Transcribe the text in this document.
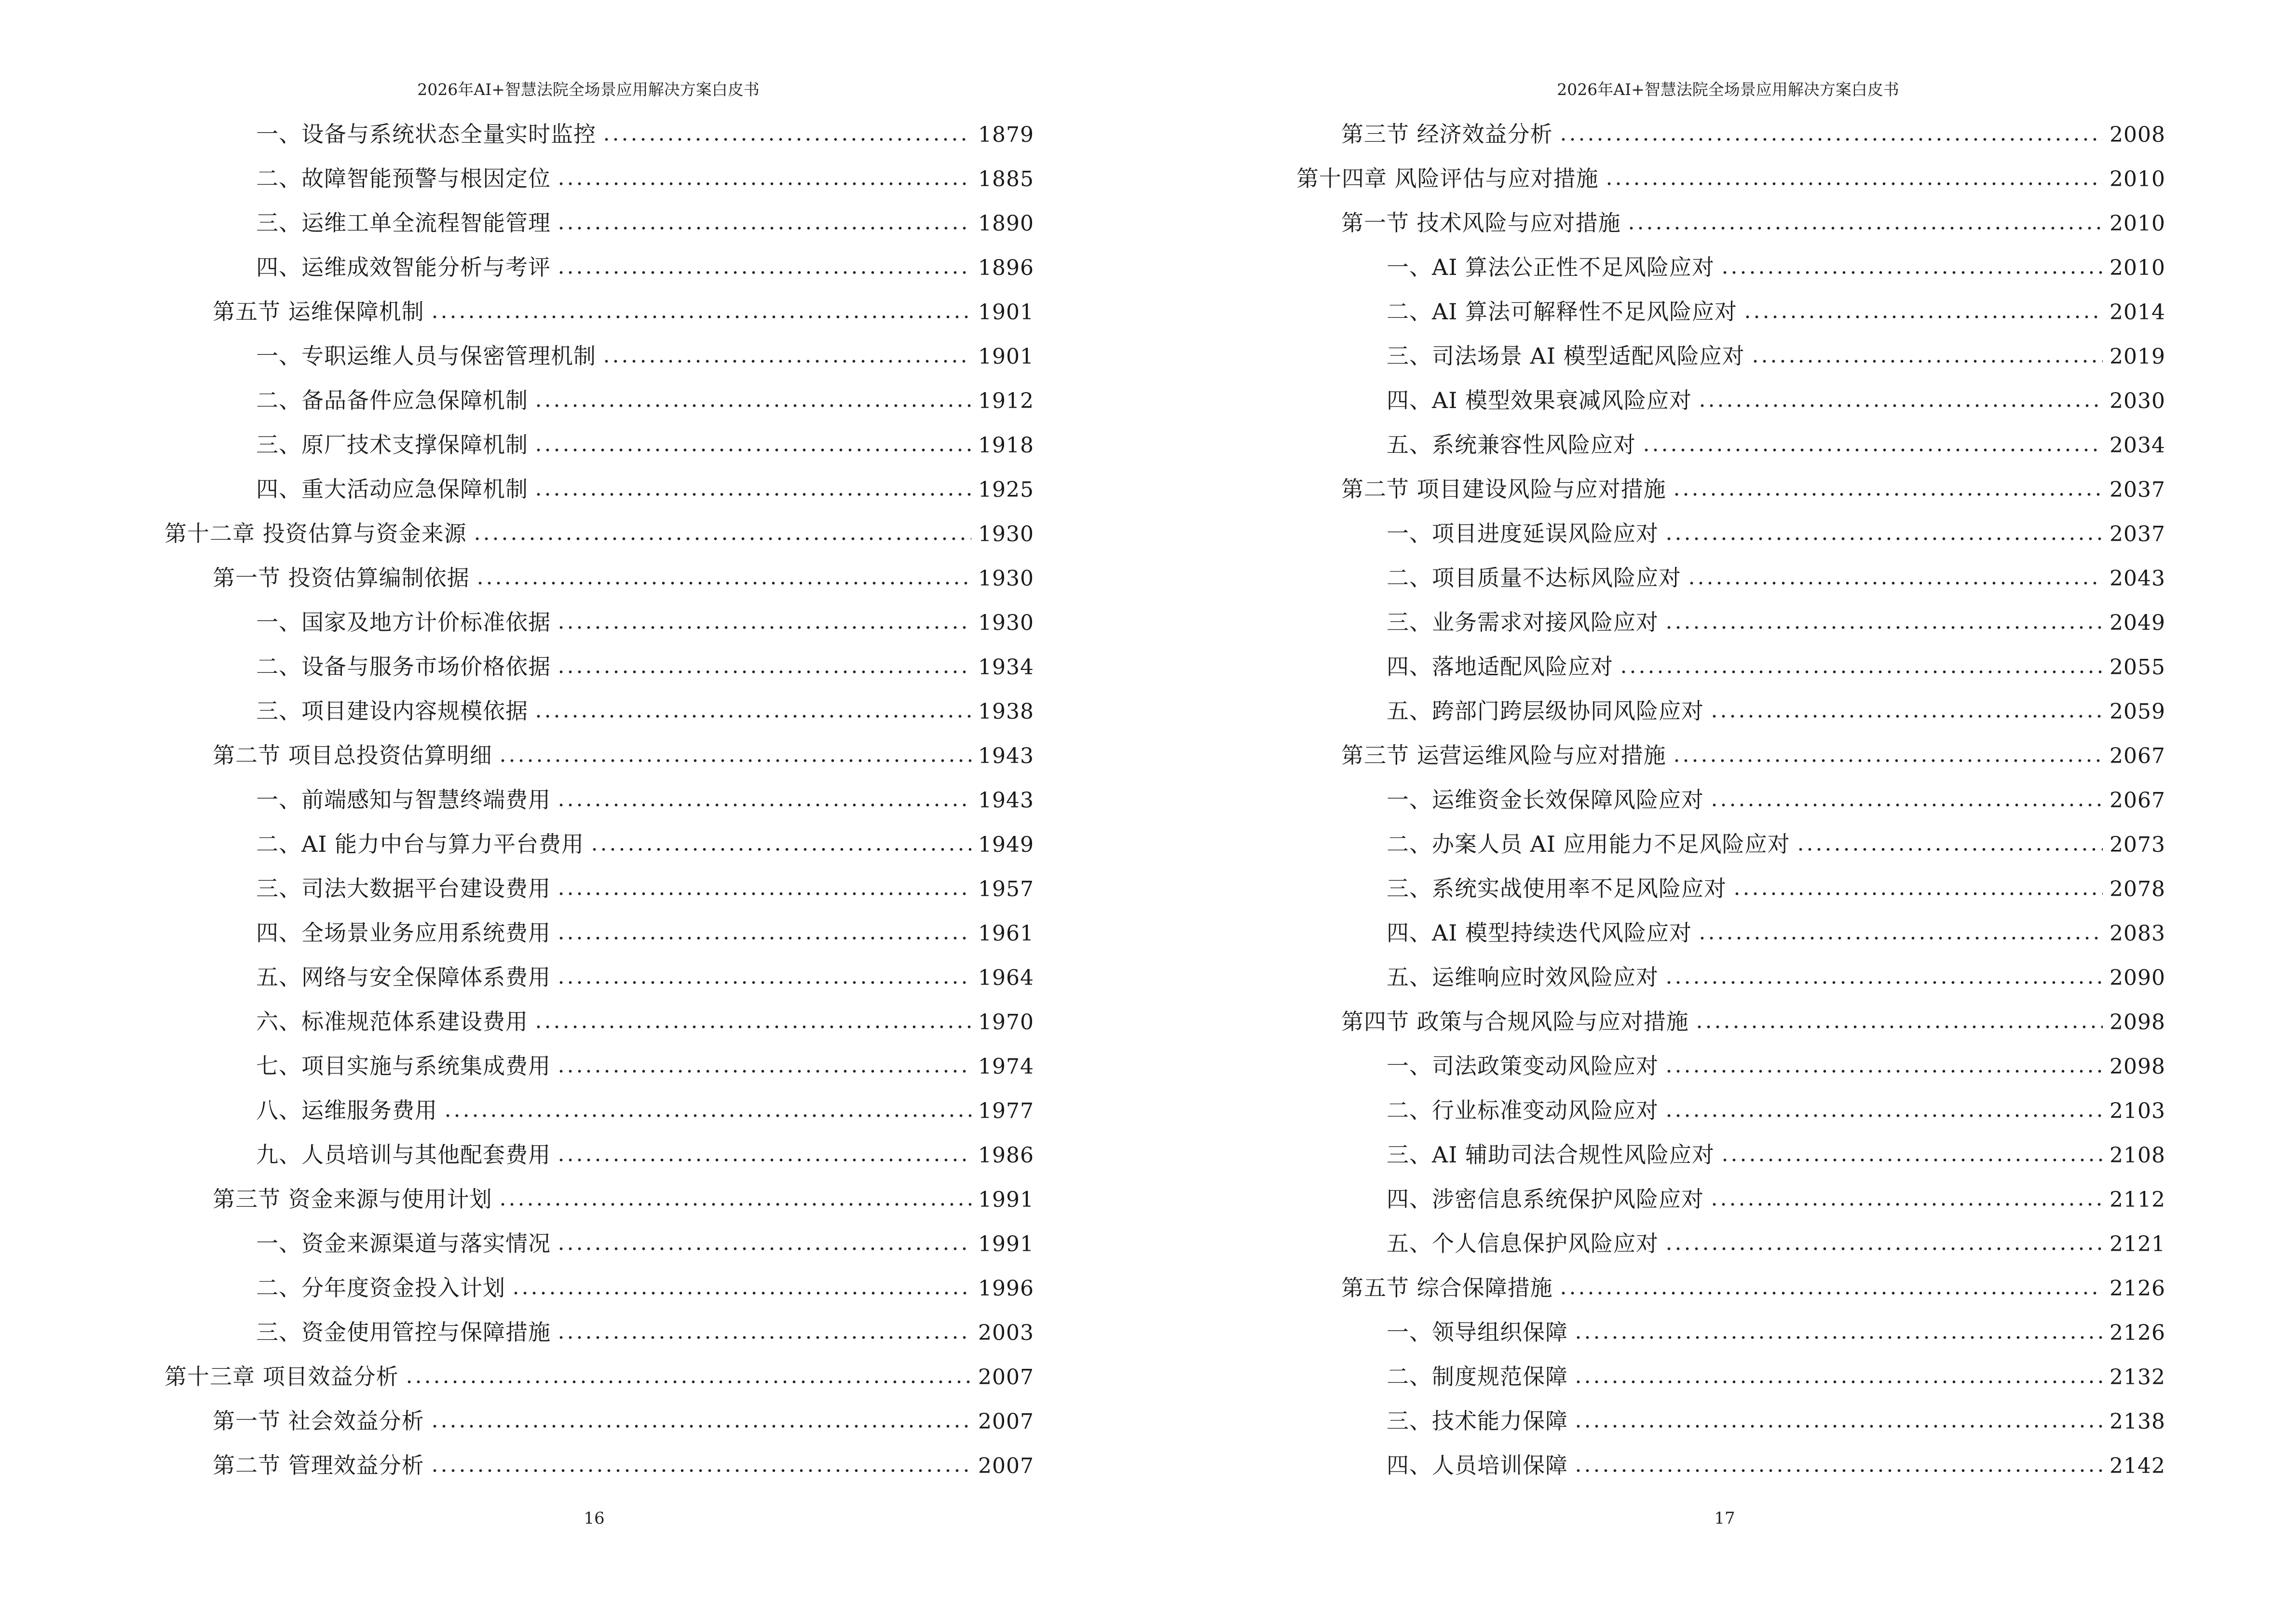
2026年AI+智慧法院全场景应用解决方案白皮书
一、设备与系统状态全量实时监控	1879
二、故障智能预警与根因定位	1885
三、运维工单全流程智能管理	1890
四、运维成效智能分析与考评	1896
第五节 运维保障机制	1901
一、专职运维人员与保密管理机制	1901
二、备品备件应急保障机制	1912
三、原厂技术支撑保障机制	1918
四、重大活动应急保障机制	1925
第十二章 投资估算与资金来源	1930
第一节 投资估算编制依据	1930
一、国家及地方计价标准依据	1930
二、设备与服务市场价格依据	1934
三、项目建设内容规模依据	1938
第二节 项目总投资估算明细	1943
一、前端感知与智慧终端费用	1943
二、AI 能力中台与算力平台费用	1949
三、司法大数据平台建设费用	1957
四、全场景业务应用系统费用	1961
五、网络与安全保障体系费用	1964
六、标准规范体系建设费用	1970
七、项目实施与系统集成费用	1974
八、运维服务费用	1977
九、人员培训与其他配套费用	1986
第三节 资金来源与使用计划	1991
一、资金来源渠道与落实情况	1991
二、分年度资金投入计划	1996
三、资金使用管控与保障措施	2003
第十三章 项目效益分析	2007
第一节 社会效益分析	2007
第二节 管理效益分析	2007
16
2026年AI+智慧法院全场景应用解决方案白皮书
第三节 经济效益分析	2008
第十四章 风险评估与应对措施	2010
第一节 技术风险与应对措施	2010
一、AI 算法公正性不足风险应对	2010
二、AI 算法可解释性不足风险应对	2014
三、司法场景 AI 模型适配风险应对	2019
四、AI 模型效果衰减风险应对	2030
五、系统兼容性风险应对	2034
第二节 项目建设风险与应对措施	2037
一、项目进度延误风险应对	2037
二、项目质量不达标风险应对	2043
三、业务需求对接风险应对	2049
四、落地适配风险应对	2055
五、跨部门跨层级协同风险应对	2059
第三节 运营运维风险与应对措施	2067
一、运维资金长效保障风险应对	2067
二、办案人员 AI 应用能力不足风险应对	2073
三、系统实战使用率不足风险应对	2078
四、AI 模型持续迭代风险应对	2083
五、运维响应时效风险应对	2090
第四节 政策与合规风险与应对措施	2098
一、司法政策变动风险应对	2098
二、行业标准变动风险应对	2103
三、AI 辅助司法合规性风险应对	2108
四、涉密信息系统保护风险应对	2112
五、个人信息保护风险应对	2121
第五节 综合保障措施	2126
一、领导组织保障	2126
二、制度规范保障	2132
三、技术能力保障	2138
四、人员培训保障	2142
17
